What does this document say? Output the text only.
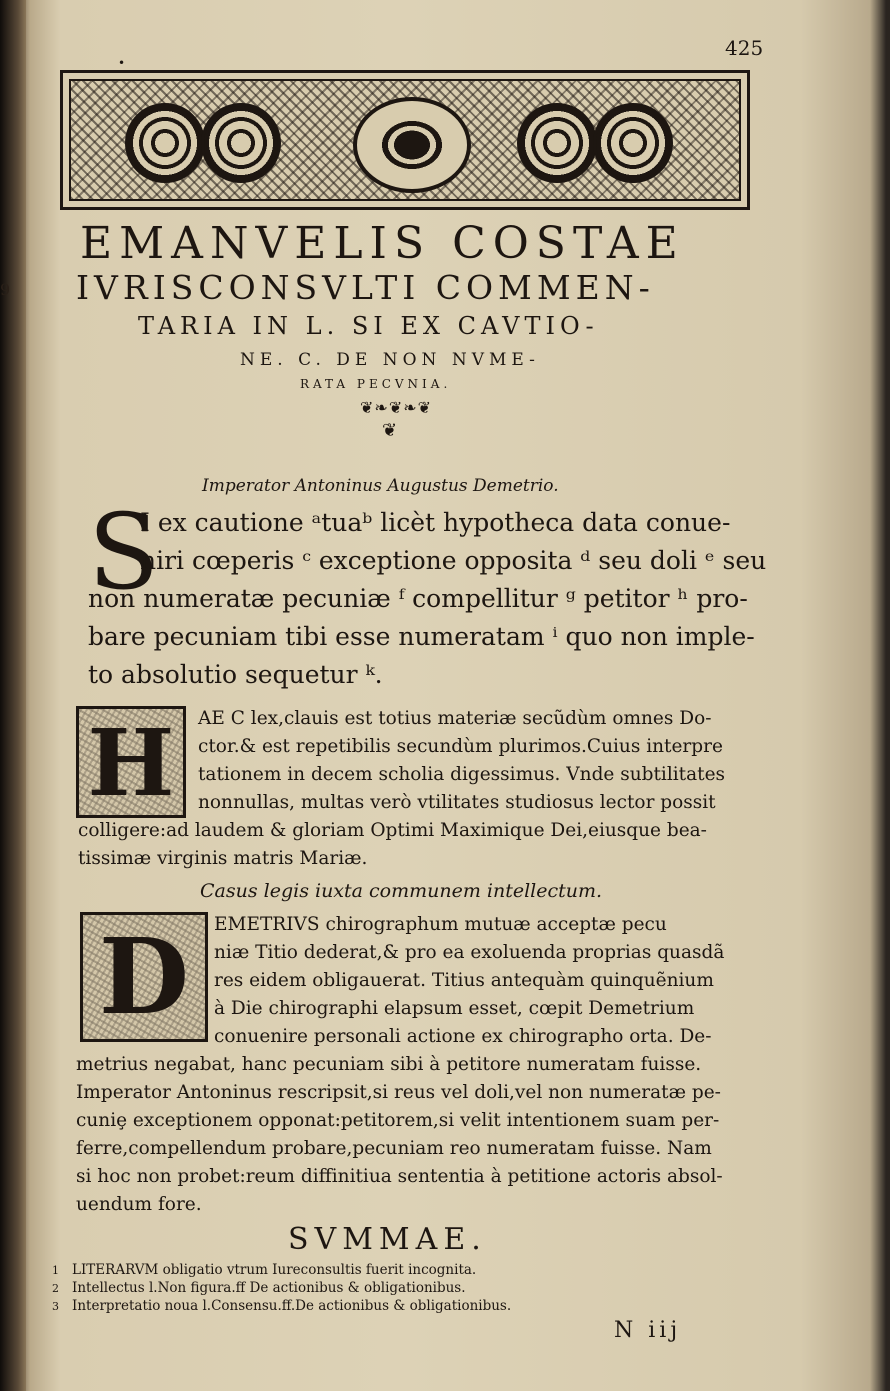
425
•
9
EMANVELIS COSTAE
IVRISCONSVLTI COMMEN-
TARIA IN L. SI EX CAVTIO-
NE. C. DE NON NVME-
RATA PECVNIA.
❦❧❦❧❦
❦
Imperator Antoninus Augustus Demetrio.
S
I ex cautione ᵃtuaᵇ licèt hypotheca data conue-
niri cœperis ᶜ exceptione opposita ᵈ seu doli ᵉ seu
non numeratæ pecuniæ ᶠ compellitur ᵍ petitor ʰ pro-
bare pecuniam tibi esse numeratam ⁱ quo non imple-
to absolutio sequetur ᵏ.
H	AE C lex,clauis est totius materiæ secũdùm omnes Do-
ctor.& est repetibilis secundùm plurimos.Cuius interpre
tationem in decem scholia digessimus. Vnde subtilitates
nonnullas, multas verò vtilitates studiosus lector possit
colligere:ad laudem & gloriam Optimi Maximique Dei,eiusque bea-
tissimæ virginis matris Mariæ.
Casus legis iuxta communem intellectum.
D	EMETRIVS chirographum mutuæ acceptæ pecu
niæ Titio dederat,& pro ea exoluenda proprias quasdã
res eidem obligauerat. Titius antequàm quinquẽnium
à Die chirographi elapsum esset, cœpit Demetrium
conuenire personali actione ex chirographo orta. De-
metrius negabat, hanc pecuniam sibi à petitore numeratam fuisse.
Imperator Antoninus rescripsit,si reus vel doli,vel non numeratæ pe-
cuniȩ exceptionem opponat:petitorem,si velit intentionem suam per-
ferre,compellendum probare,pecuniam reo numeratam fuisse. Nam
si hoc non probet:reum diffinitiua sententia à petitione actoris absol-
uendum fore.
SVMMAE.
1 LITERARVM obligatio vtrum Iureconsultis fuerit incognita.
2 Intellectus l.Non figura.ff De actionibus & obligationibus.
3 Interpretatio noua l.Consensu.ff.De actionibus & obligationibus.
N iij
